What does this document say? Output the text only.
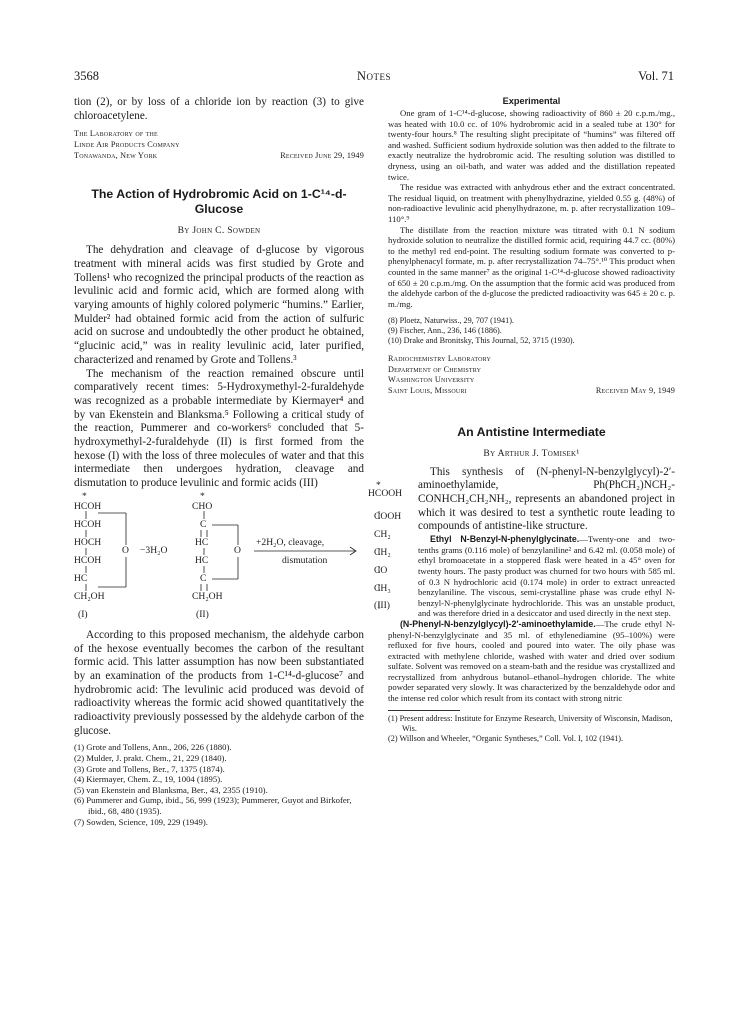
3568	Notes	Vol. 71

tion (2), or by loss of a chloride ion by reaction (3) to give chloroacetylene.

The Laboratory of the
Linde Air Products Company
Tonawanda, New York	Received June 29, 1949
The Action of Hydrobromic Acid on 1-C¹⁴-d-Glucose
By John C. Sowden

The dehydration and cleavage of d-glucose by vigorous treatment with mineral acids was first studied by Grote and Tollens¹ who recognized the principal products of the reaction as levulinic acid and formic acid, which are formed along with varying amounts of highly colored polymeric “humins.” Earlier, Mulder² had obtained formic acid from the action of sulfuric acid on sucrose and undoubtedly the other product he obtained, “glucinic acid,” was in reality levulinic acid, later purified, characterized and renamed by Grote and Tollens.³

The mechanism of the reaction remained obscure until comparatively recent times: 5-Hydroxymethyl-2-furaldehyde was recognized as a probable intermediate by Kiermayer⁴ and by van Ekenstein and Blanksma.⁵ Following a critical study of the reaction, Pummerer and co-workers⁶ concluded that 5-hydroxymethyl-2-furaldehyde (II) is first formed from the hexose (I) with the loss of three molecules of water and that this intermediate then undergoes hydration, cleavage and dismutation to produce levulinic and formic acids (III)

*
HCOH
HCOH
HOCH
HCOH
HC
CH₂OH
(I)
O −3H₂O
*
CHO
C
HC
HC
C
CH₂OH
(II)
O
+2H₂O, cleavage,
dismutation

According to this proposed mechanism, the aldehyde carbon of the hexose eventually becomes the carbon of the resultant formic acid. This latter assumption has now been substantiated by an examination of the products from 1-C¹⁴-d-glucose⁷ and hydrobromic acid: The levulinic acid produced was devoid of radioactivity whereas the formic acid showed quantitatively the radioactivity previously possessed by the aldehyde carbon of the glucose.

(1) Grote and Tollens, Ann., 206, 226 (1880).

(2) Mulder, J. prakt. Chem., 21, 229 (1840).

(3) Grote and Tollens, Ber., 7, 1375 (1874).

(4) Kiermayer, Chem. Z., 19, 1004 (1895).

(5) van Ekenstein and Blanksma, Ber., 43, 2355 (1910).

(6) Pummerer and Gump, ibid., 56, 999 (1923); Pummerer, Guyot and Birkofer, ibid., 68, 480 (1935).

(7) Sowden, Science, 109, 229 (1949).

Experimental

One gram of 1-C¹⁴-d-glucose, showing radioactivity of 860 ± 20 c.p.m./mg., was heated with 10.0 cc. of 10% hydrobromic acid in a sealed tube at 130° for twenty-four hours.⁸ The resulting slight precipitate of “humins” was filtered off and washed. Sufficient sodium hydroxide solution was then added to the filtrate to exactly neutralize the hydrobromic acid. The resulting solution was distilled to dryness, using an oil-bath, and water was added and the distillation repeated twice.

The residue was extracted with anhydrous ether and the extract concentrated. The residual liquid, on treatment with phenylhydrazine, yielded 0.55 g. (48%) of non-radioactive levulinic acid phenylhydrazone, m. p. after recrystallization 109–110°.⁹

The distillate from the reaction mixture was titrated with 0.1 N sodium hydroxide solution to neutralize the distilled formic acid, requiring 44.7 cc. (80%) to the methyl red end-point. The resulting sodium formate was converted to p-phenylphenacyl formate, m. p. after recrystallization 74–75°.¹⁰ This product when counted in the same manner⁷ as the original 1-C¹⁴-d-glucose showed radioactivity of 650 ± 20 c.p.m./mg. On the assumption that the formic acid was produced from the aldehyde carbon of the d-glucose the predicted radioactivity was 645 ± 20 c. p. m./mg.

(8) Ploetz, Naturwiss., 29, 707 (1941).

(9) Fischer, Ann., 236, 146 (1886).

(10) Drake and Bronitsky, This Journal, 52, 3715 (1930).

Radiochemistry Laboratory
Department of Chemistry
Washington University
Saint Louis, Missouri	Received May 9, 1949
An Antistine Intermediate
By Arthur J. Tomisek¹
*
HCOOH
COOH
CH₂
CH₂
CO
CH₃
(III)

This synthesis of (N-phenyl-N-benzylglycyl)-2′-aminoethylamide, Ph(PhCH₂)NCH₂-CONHCH₂CH₂NH₂, represents an abandoned project in which it was desired to test a synthetic route leading to compounds of antistine-like structure.

Ethyl N-Benzyl-N-phenylglycinate.—Twenty-one and two-tenths grams (0.116 mole) of benzylaniline² and 6.42 ml. (0.058 mole) of ethyl bromoacetate in a stoppered flask were heated in a 45° oven for twenty hours. The pasty product was churned for two hours with 585 ml. of 0.3 N hydrochloric acid (0.174 mole) in order to extract unreacted benzylaniline. The viscous, semi-crystalline phase was crude ethyl N-benzyl-N-phenylglycinate hydrochloride. This was an unstable product, and was therefore dried in a desiccator and used directly in the next step.

(N-Phenyl-N-benzylglycyl)-2′-aminoethylamide.—The crude ethyl N-phenyl-N-benzylglycinate and 35 ml. of ethylenediamine (95–100%) were refluxed for five hours, cooled and poured into water. The oily phase was extracted with methylene chloride, washed with water and dried over sodium sulfate. Solvent was removed on a steam-bath and the residue was crystallized and recrystallized from anhydrous butanol–ethanol–hydrogen chloride. The white powder separated very slowly. It was characterized by the benzaldehyde odor and the intense red color which result from its contact with strong nitric

(1) Present address: Institute for Enzyme Research, University of Wisconsin, Madison, Wis.

(2) Willson and Wheeler, “Organic Syntheses,” Coll. Vol. I, 102 (1941).
